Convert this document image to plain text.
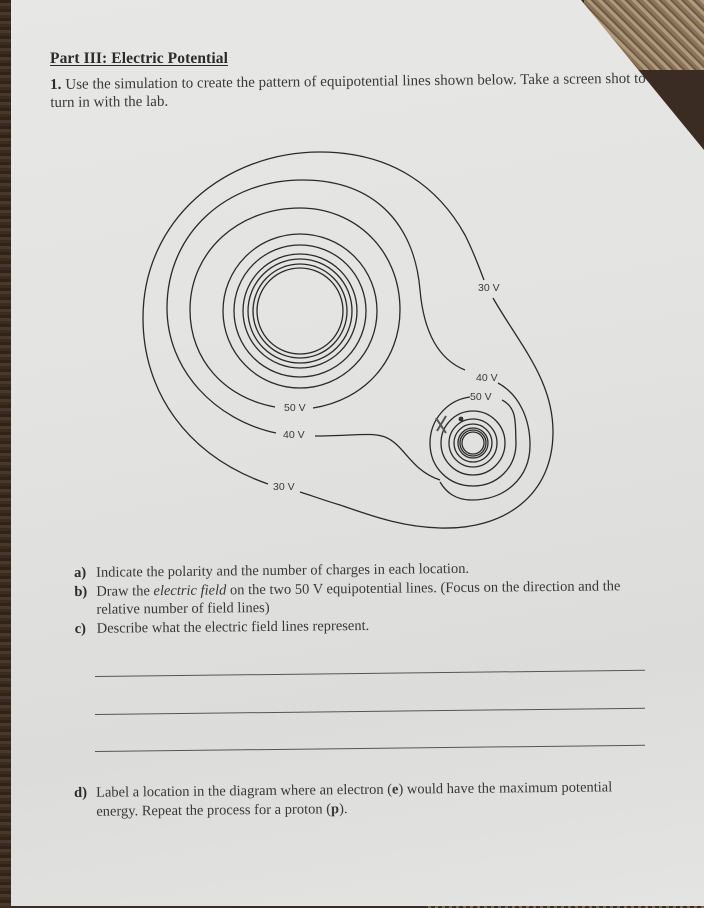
Part III: Electric Potential

1. Use the simulation to create the pattern of equipotential lines shown below. Take a screen shot to turn in with the lab.

30 V
40 V
50 V
50 V
40 V
30 V
a) Indicate the polarity and the number of charges in each location.
b) Draw the electric field on the two 50 V equipotential lines. (Focus on the direction and the relative number of field lines)
c) Describe what the electric field lines represent.
d) Label a location in the diagram where an electron (e) would have the maximum potential energy. Repeat the process for a proton (p).
